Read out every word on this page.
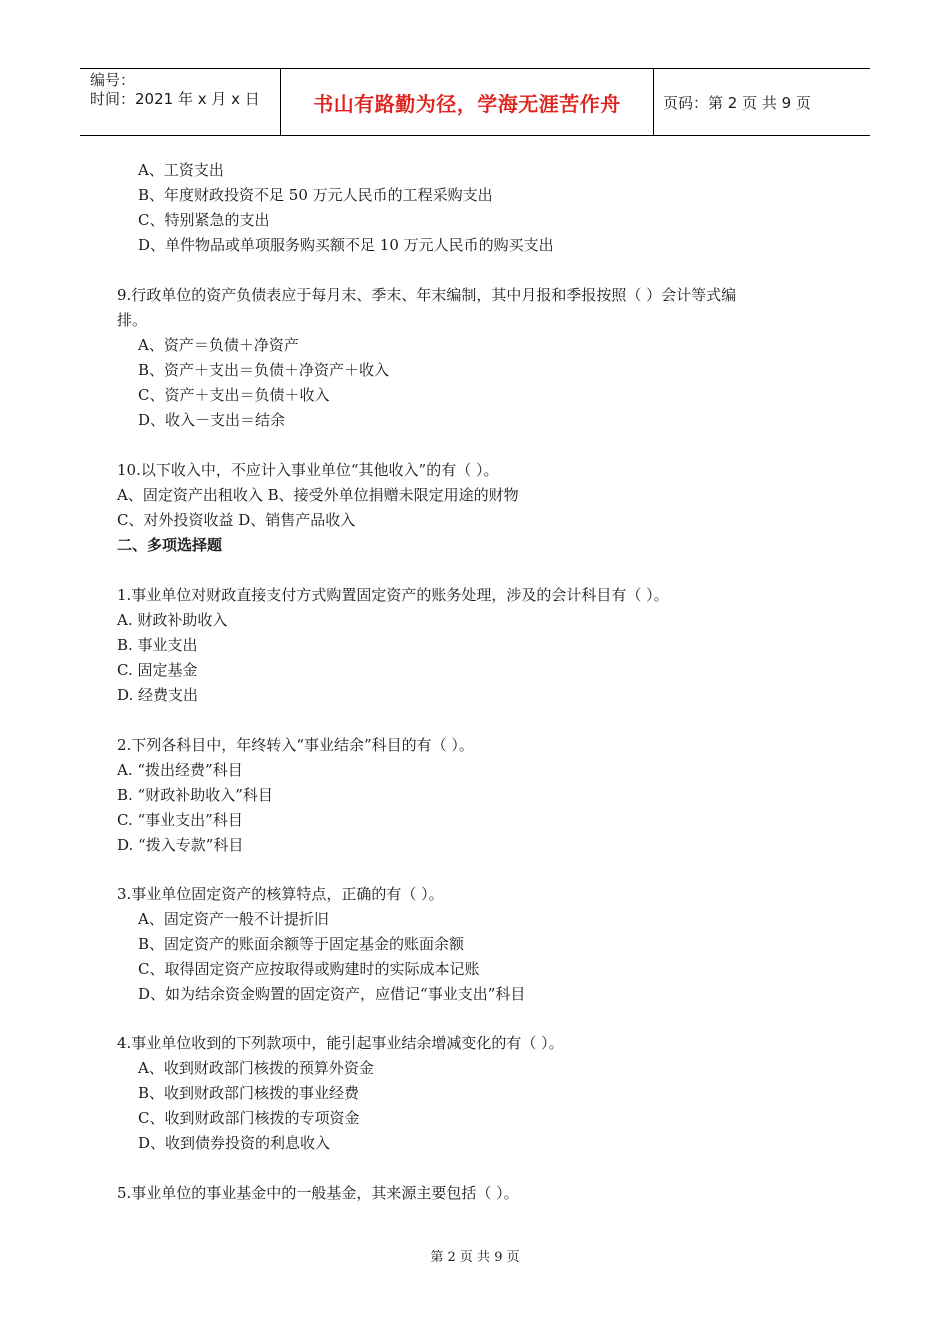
编号：
时间：2021 年 x 月 x 日	书山有路勤为径，学海无涯苦作舟	页码：第 2 页 共 9 页
A、工资支出
B、年度财政投资不足 50 万元人民币的工程采购支出
C、特别紧急的支出
D、单件物品或单项服务购买额不足 10 万元人民币的购买支出
9.行政单位的资产负债表应于每月末、季末、年末编制，其中月报和季报按照（ ）会计等式编
排。
A、资产＝负债＋净资产
B、资产＋支出＝负债＋净资产＋收入
C、资产＋支出＝负债＋收入
D、收入－支出＝结余
10.以下收入中，不应计入事业单位“其他收入”的有（ ）。
A、固定资产出租收入 B、接受外单位捐赠未限定用途的财物
C、对外投资收益 D、销售产品收入
二、多项选择题
1.事业单位对财政直接支付方式购置固定资产的账务处理，涉及的会计科目有（ ）。
A. 财政补助收入
B. 事业支出
C. 固定基金
D. 经费支出
2.下列各科目中，年终转入“事业结余”科目的有（ ）。
A. “拨出经费”科目
B. “财政补助收入”科目
C. “事业支出”科目
D. “拨入专款”科目
3.事业单位固定资产的核算特点，正确的有（ ）。
A、固定资产一般不计提折旧
B、固定资产的账面余额等于固定基金的账面余额
C、取得固定资产应按取得或购建时的实际成本记账
D、如为结余资金购置的固定资产，应借记“事业支出”科目
4.事业单位收到的下列款项中，能引起事业结余增减变化的有（ ）。
A、收到财政部门核拨的预算外资金
B、收到财政部门核拨的事业经费
C、收到财政部门核拨的专项资金
D、收到债券投资的利息收入
5.事业单位的事业基金中的一般基金，其来源主要包括（ ）。
第 2 页 共 9 页
